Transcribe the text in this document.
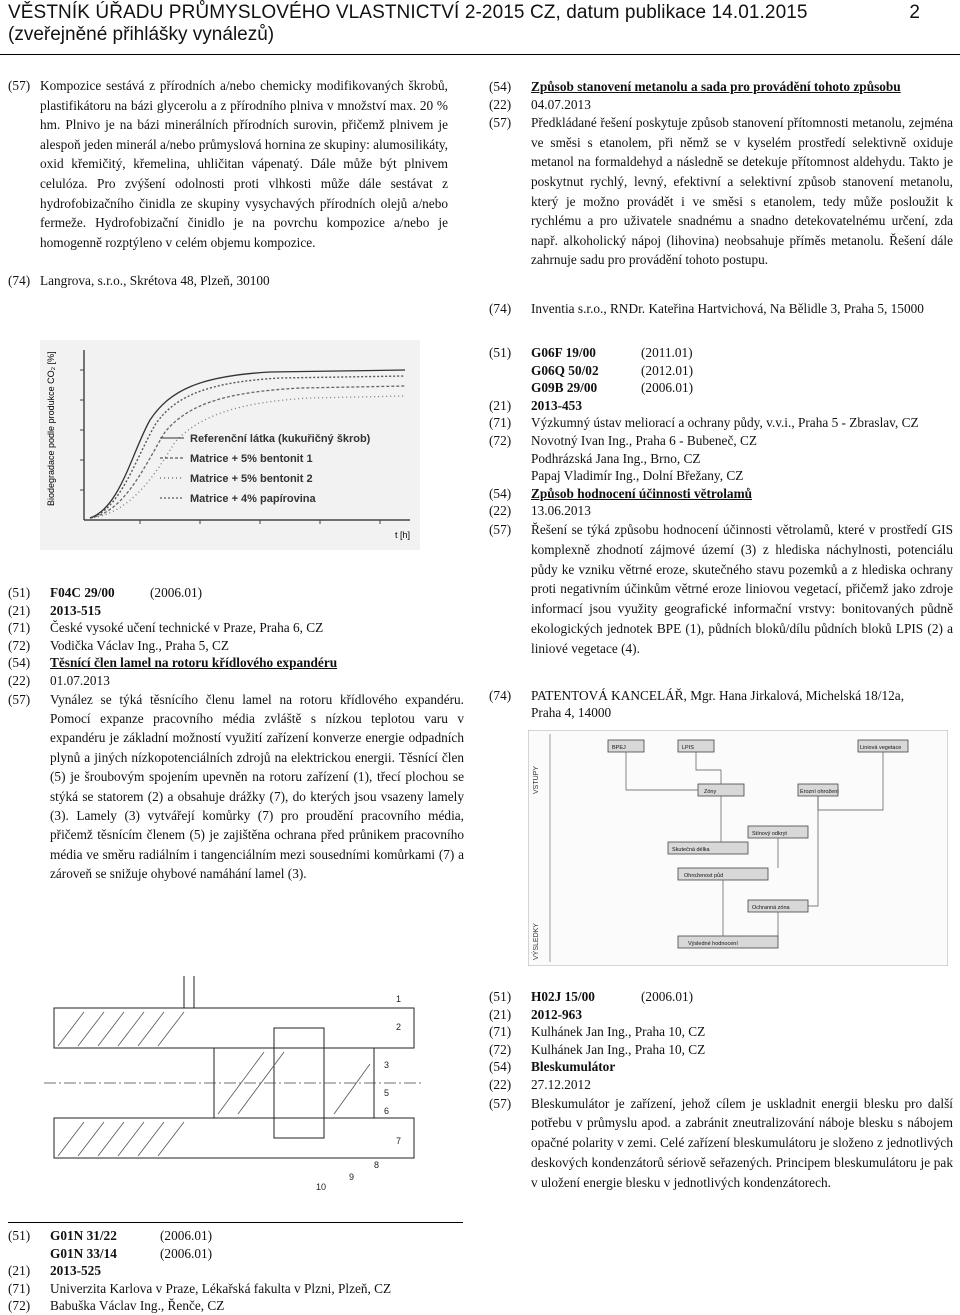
VĚSTNÍK ÚŘADU PRŮMYSLOVÉHO VLASTNICTVÍ 2-2015 CZ, datum publikace 14.01.2015
(zveřejněné přihlášky vynálezů)
2
(57) Kompozice sestává z přírodních a/nebo chemicky modifikovaných škrobů, plastifikátoru na bázi glycerolu a z přírodního plniva v množství max. 20 % hm. Plnivo je na bázi minerálních přírodních surovin, přičemž plnivem je alespoň jeden minerál a/nebo průmyslová hornina ze skupiny: alumosilikáty, oxid křemičitý, křemelina, uhličitan vápenatý. Dále může být plnivem celulóza. Pro zvýšení odolnosti proti vlhkosti může dále sestávat z hydrofobizačního činidla ze skupiny vysychavých přírodních olejů a/nebo fermeže. Hydrofobizační činidlo je na povrchu kompozice a/nebo je homogenně rozptýleno v celém objemu kompozice.
(74) Langrova, s.r.o., Skrétova 48, Plzeň, 30100
Biodegradace podle produkce CO₂ [%]
t [h]
Referenční látka (kukuřičný škrob)
Matrice + 5% bentonit 1
Matrice + 5% bentonit 2
Matrice + 4% papírovina
(51) F04C 29/00	(2006.01)
(21) 2013-515
(71) České vysoké učení technické v Praze, Praha 6, CZ
(72) Vodička Václav Ing., Praha 5, CZ
(54) Těsnící člen lamel na rotoru křídlového expandéru
(22) 01.07.2013
(57) Vynález se týká těsnícího členu lamel na rotoru křídlového expandéru. Pomocí expanze pracovního média zvláště s nízkou teplotou varu v expandéru je základní možností využití zařízení konverze energie odpadních plynů a jiných nízkopotenciálních zdrojů na elektrickou energii. Těsnící člen (5) je šroubovým spojením upevněn na rotoru zařízení (1), třecí plochou se stýká se statorem (2) a obsahuje drážky (7), do kterých jsou vsazeny lamely (3). Lamely (3) vytvářejí komůrky (7) pro proudění pracovního média, přičemž těsnícím členem (5) je zajištěna ochrana před průnikem pracovního média ve směru radiálním i tangenciálním mezi sousedními komůrkami (7) a zároveň se snižuje ohybové namáhání lamel (3).
1
2
3
5
6
7
8
9
10
(51) G01N 31/22	(2006.01)
G01N 33/14	(2006.01)
(21) 2013-525
(71) Univerzita Karlova v Praze, Lékařská fakulta v Plzni, Plzeň, CZ
(72) Babuška Václav Ing., Řenče, CZ
(54) Způsob stanovení metanolu a sada pro provádění tohoto způsobu
(22) 04.07.2013
(57) Předkládané řešení poskytuje způsob stanovení přítomnosti metanolu, zejména ve směsi s etanolem, při němž se v kyselém prostředí selektivně oxiduje metanol na formaldehyd a následně se detekuje přítomnost aldehydu. Takto je poskytnut rychlý, levný, efektivní a selektivní způsob stanovení metanolu, který je možno provádět i ve směsi s etanolem, tedy může posloužit k rychlému a pro uživatele snadnému a snadno detekovatelnému určení, zda např. alkoholický nápoj (lihovina) neobsahuje příměs metanolu. Řešení dále zahrnuje sadu pro provádění tohoto postupu.
(74) Inventia s.r.o., RNDr. Kateřina Hartvichová, Na Bělidle 3, Praha 5, 15000
(51) G06F 19/00	(2011.01)
G06Q 50/02	(2012.01)
G09B 29/00	(2006.01)
(21) 2013-453
(71) Výzkumný ústav meliorací a ochrany půdy, v.v.i., Praha 5 - Zbraslav, CZ
(72) Novotný Ivan Ing., Praha 6 - Bubeneč, CZ
Podhrázská Jana Ing., Brno, CZ
Papaj Vladimír Ing., Dolní Břežany, CZ
(54) Způsob hodnocení účinnosti větrolamů
(22) 13.06.2013
(57) Řešení se týká způsobu hodnocení účinnosti větrolamů, které v prostředí GIS komplexně zhodnotí zájmové území (3) z hlediska náchylnosti, potenciálu půdy ke vzniku větrné eroze, skutečného stavu pozemků a z hlediska ochrany proti negativním účinkům větrné eroze liniovou vegetací, přičemž jako zdroje informací jsou využity geografické informační vrstvy: bonitovaných půdně ekologických jednotek BPE (1), půdních bloků/dílu půdních bloků LPIS (2) a liniové vegetace (4).
(74) PATENTOVÁ KANCELÁŘ, Mgr. Hana Jirkalová, Michelská 18/12a,
Praha 4, 14000
VSTUPY
VÝSLEDKY
BPEJ	LPIS	Liniová vegetace
Zóny	Erozní ohrožení
Skutečná délka
Stínový odkryt
Ohroženost půd
Ochranná zóna
Výsledné hodnocení
(51) H02J 15/00	(2006.01)
(21) 2012-963
(71) Kulhánek Jan Ing., Praha 10, CZ
(72) Kulhánek Jan Ing., Praha 10, CZ
(54) Bleskumulátor
(22) 27.12.2012
(57) Bleskumulátor je zařízení, jehož cílem je uskladnit energii blesku pro další potřebu v průmyslu apod. a zabránit zneutralizování náboje blesku s nábojem opačné polarity v zemi. Celé zařízení bleskumulátoru je složeno z jednotlivých deskových kondenzátorů sériově seřazených. Principem bleskumulátoru je pak v uložení energie blesku v jednotlivých kondenzátorech.
